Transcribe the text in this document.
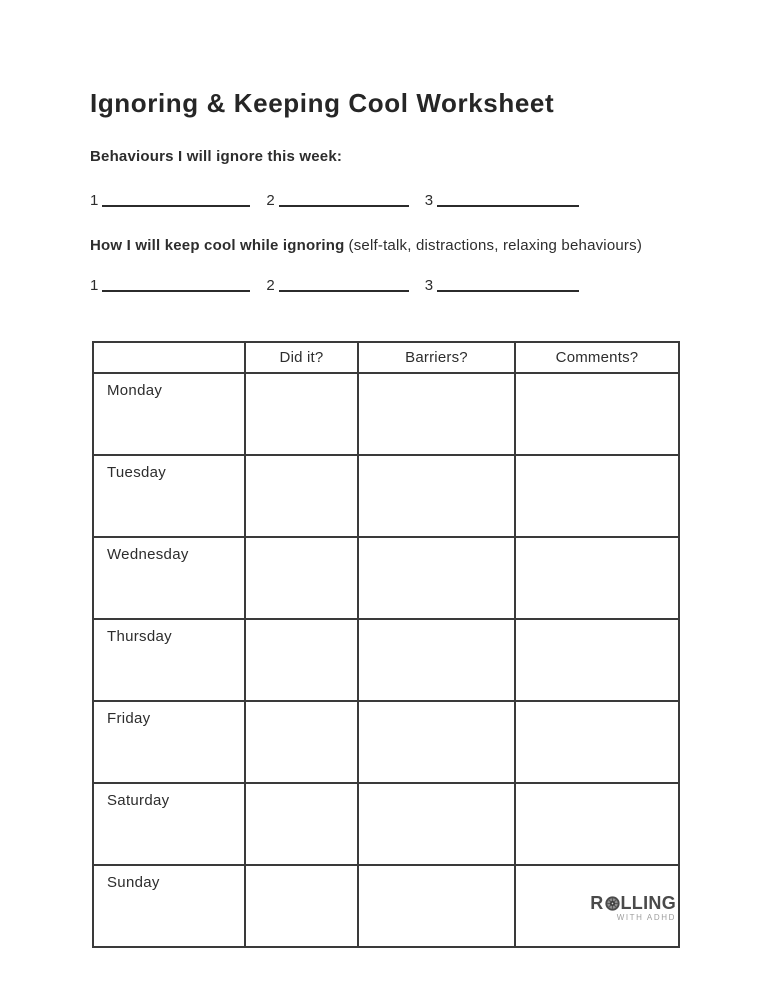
Ignoring & Keeping Cool Worksheet
Behaviours I will ignore this week:
1	2	3
How I will keep cool while ignoring (self-talk, distractions, relaxing behaviours)
1	2	3
	Did it?	Barriers?	Comments?
Monday			
Tuesday			
Wednesday			
Thursday			
Friday			
Saturday			
Sunday			
R LLING
WITH ADHD
